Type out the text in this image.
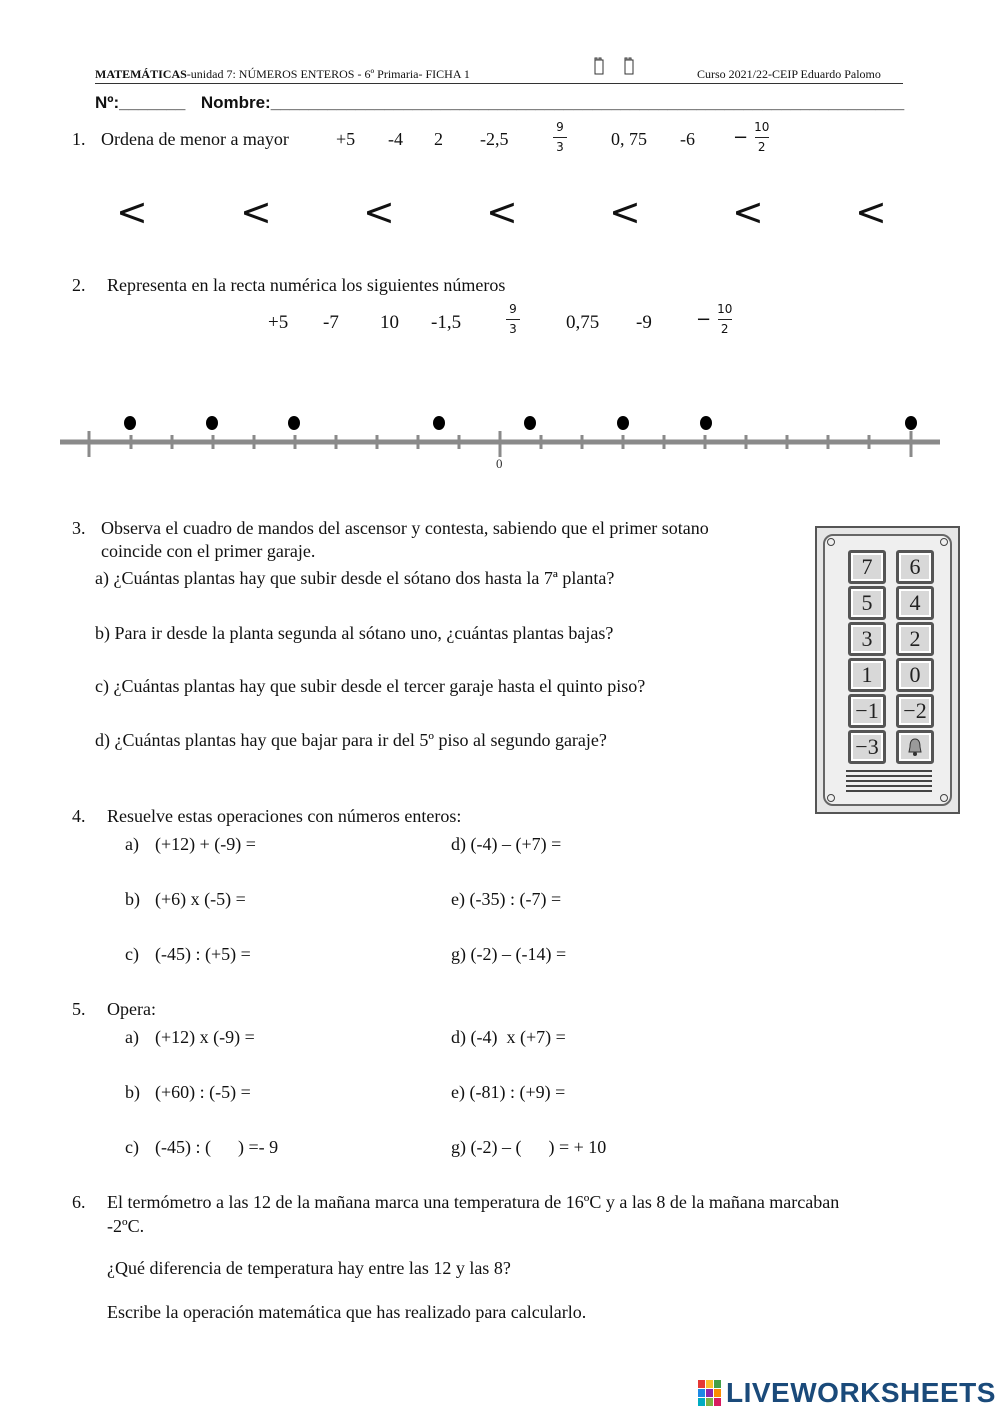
MATEMÁTICAS-unidad 7: NÚMEROS ENTEROS - 6º Primaria- FICHA 1	Curso 2021/22-CEIP Eduardo Palomo
Nº:_______ Nombre:___________________________________________________________________
1. Ordena de menor a mayor	+5 -4 2 -2,5	$\frac{9}{3} 0$, 75 $-6 - \frac{10}{2}$
< < < < < < <
2. Representa en la recta numérica los siguientes números
+5 -7 10 -1,5	$\frac{9}{3} 0,75$ $-9 - \frac{10}{2}$
0
3. Observa el cuadro de mandos del ascensor y contesta, sabiendo que el primer sotano
coincide con el primer garaje.
a) ¿Cuántas plantas hay que subir desde el sótano dos hasta la 7ª planta?
b) Para ir desde la planta segunda al sótano uno, ¿cuántas plantas bajas?
c) ¿Cuántas plantas hay que subir desde el tercer garaje hasta el quinto piso?
d) ¿Cuántas plantas hay que bajar para ir del 5º piso al segundo garaje?
7	6
5	4
3	2
1	0
−1	−2
−3
4. Resuelve estas operaciones con números enteros:
a) (+12) + (-9) =
b) (+6) x (-5) =
c) (-45) : (+5) =
d) (-4) – (+7) =
e) (-35) : (-7) =
g) (-2) – (-14) =
5. Opera:
a) (+12) x (-9) =
b) (+60) : (-5) =
c) (-45) : (      ) =- 9
d) (-4)  x (+7) =
e) (-81) : (+9) =
g) (-2) – (      ) = + 10
6. El termómetro a las 12 de la mañana marca una temperatura de 16ºC y a las 8 de la mañana marcaban
-2ºC.
¿Qué diferencia de temperatura hay entre las 12 y las 8?
Escribe la operación matemática que has realizado para calcularlo.
LIVEWORKSHEETS
